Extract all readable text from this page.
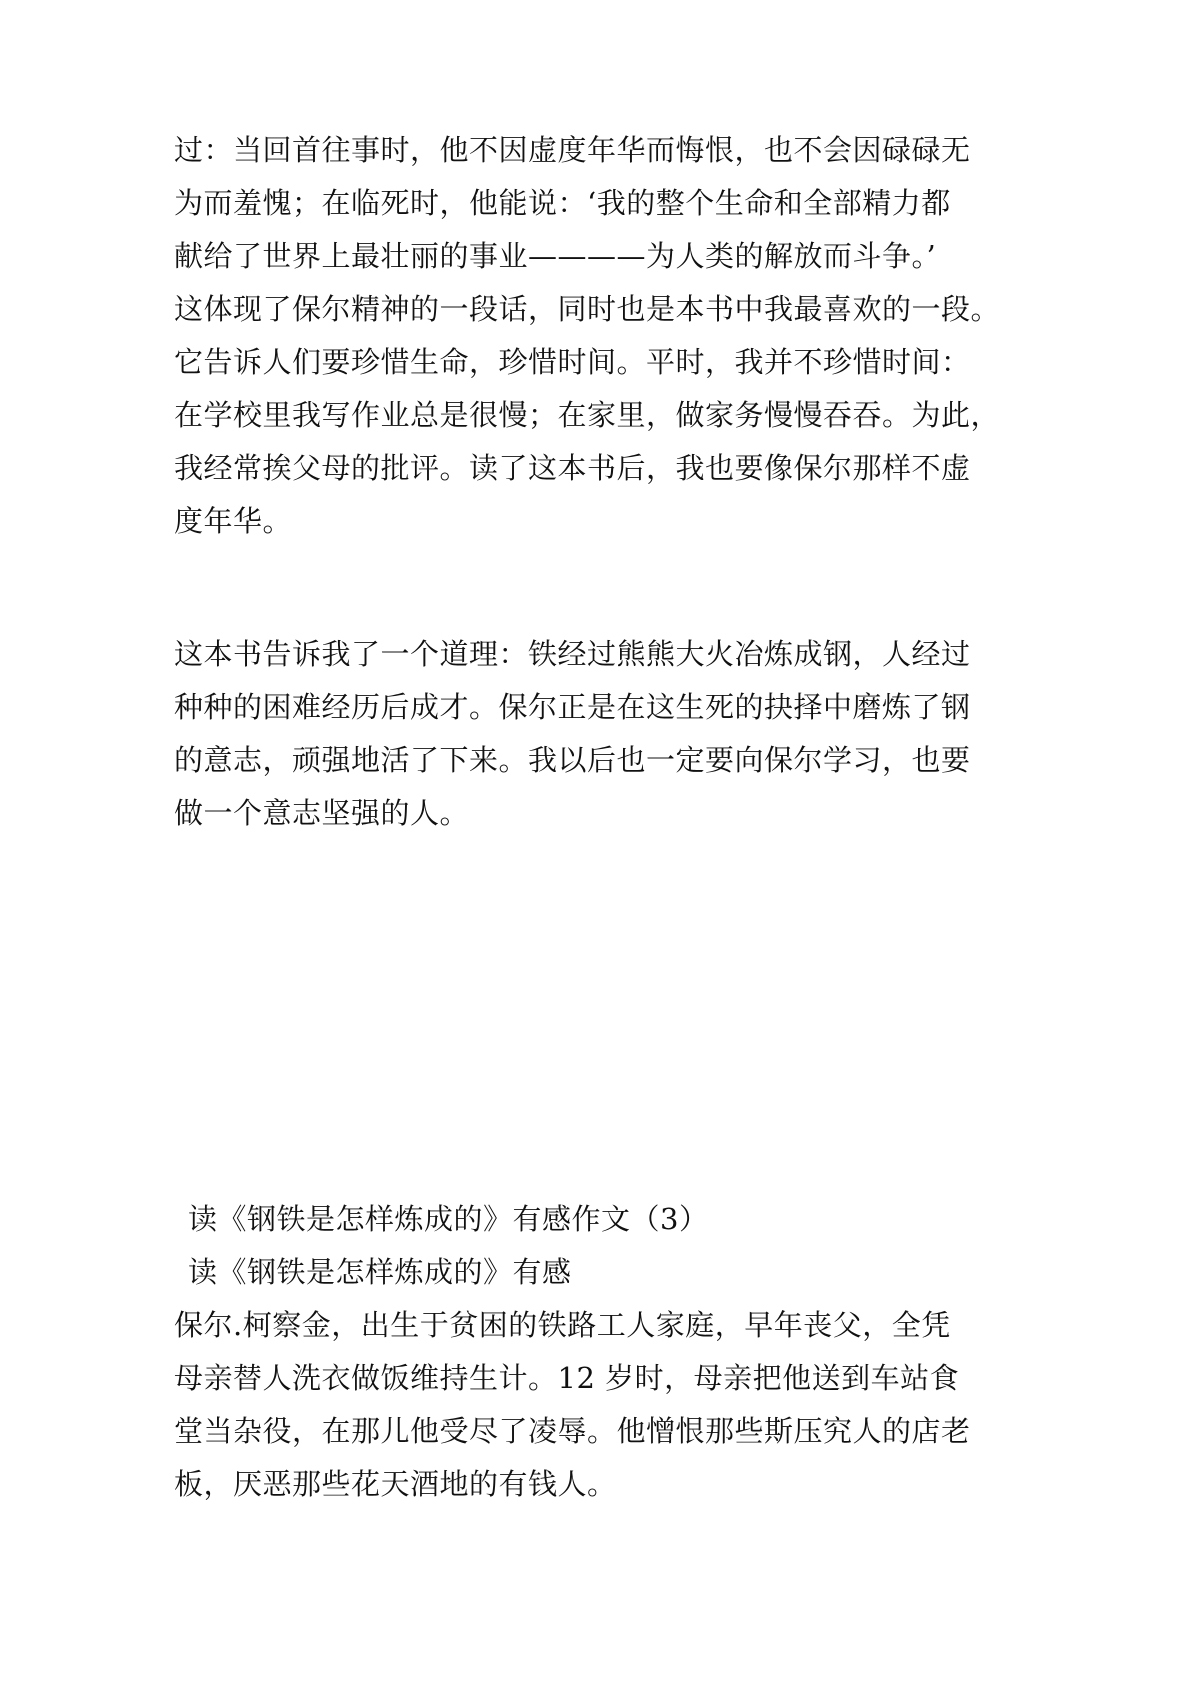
过：当回首往事时，他不因虚度年华而悔恨，也不会因碌碌无
为而羞愧；在临死时，他能说：‘我的整个生命和全部精力都
献给了世界上最壮丽的事业————为人类的解放而斗争。’
这体现了保尔精神的一段话，同时也是本书中我最喜欢的一段。
它告诉人们要珍惜生命，珍惜时间。平时，我并不珍惜时间：
在学校里我写作业总是很慢；在家里，做家务慢慢吞吞。为此，
我经常挨父母的批评。读了这本书后，我也要像保尔那样不虚
度年华。
这本书告诉我了一个道理：铁经过熊熊大火冶炼成钢，人经过
种种的困难经历后成才。保尔正是在这生死的抉择中磨炼了钢
的意志，顽强地活了下来。我以后也一定要向保尔学习，也要
做一个意志坚强的人。
读《钢铁是怎样炼成的》有感作文（3）
读《钢铁是怎样炼成的》有感
保尔.柯察金，出生于贫困的铁路工人家庭，早年丧父，全凭
母亲替人洗衣做饭维持生计。12 岁时，母亲把他送到车站食
堂当杂役，在那儿他受尽了凌辱。他憎恨那些斯压究人的店老
板，厌恶那些花天酒地的有钱人。
